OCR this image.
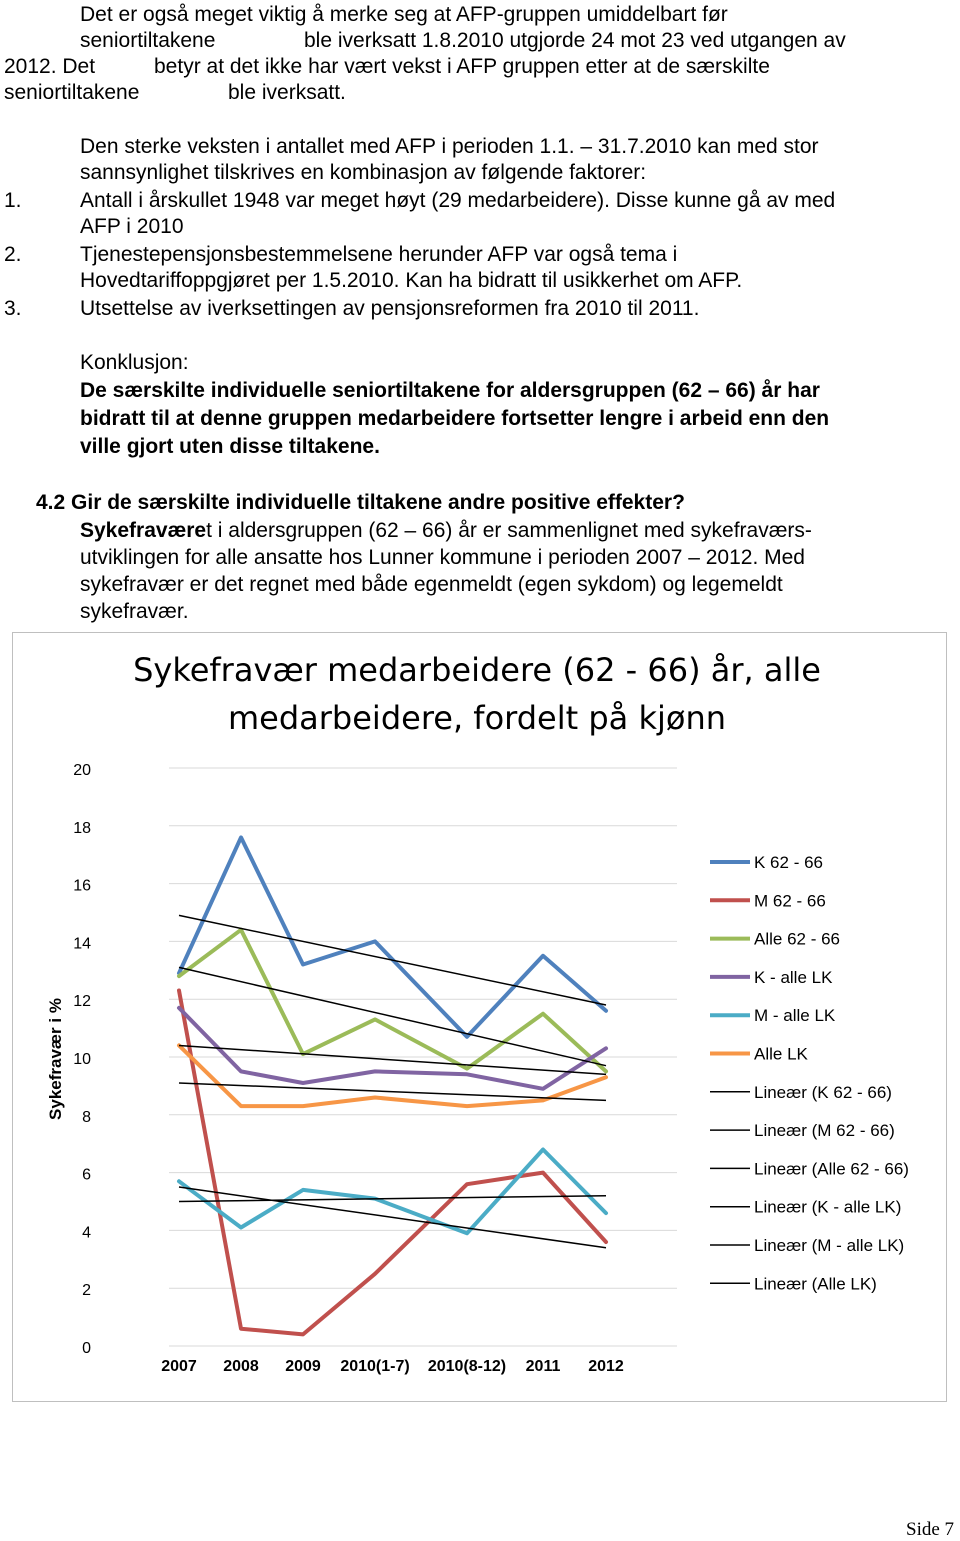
Det er også meget viktig å merke seg at AFP-gruppen umiddelbart før
seniortiltakene	ble iverksatt 1.8.2010 utgjorde 24 mot 23 ved utgangen av
2012. Det	betyr at det ikke har vært vekst i AFP gruppen etter at de særskilte
seniortiltakene	ble iverksatt.
Den sterke veksten i antallet med AFP i perioden 1.1. – 31.7.2010 kan med stor
sannsynlighet tilskrives en kombinasjon av følgende faktorer:
1.	Antall i årskullet 1948 var meget høyt (29 medarbeidere). Disse kunne gå av med
AFP i 2010
2.	Tjenestepensjonsbestemmelsene herunder AFP var også tema i
Hovedtariffoppgjøret per 1.5.2010. Kan ha bidratt til usikkerhet om AFP.
3.	Utsettelse av iverksettingen av pensjonsreformen fra 2010 til 2011.
Konklusjon:
De særskilte individuelle seniortiltakene for aldersgruppen (62 – 66) år har
bidratt til at denne gruppen medarbeidere fortsetter lengre i arbeid enn den
ville gjort uten disse tiltakene.
4.2 Gir de særskilte individuelle tiltakene andre positive effekter?
Sykefraværet i aldersgruppen (62 – 66) år er sammenlignet med sykefraværs-
utviklingen for alle ansatte hos Lunner kommune i perioden 2007 – 2012. Med
sykefravær er det regnet med både egenmeldt (egen sykdom) og legemeldt
sykefravær.
0
2
4
6
8
10
12
14
16
18
20
2007 2008 2009 2010(1-7) 2010(8-12) 2011 2012
Sykefravær medarbeidere (62 - 66) år, alle
medarbeidere, fordelt på kjønn
Sykefravær i %
K 62 - 66
M 62 - 66
Alle 62 - 66
K - alle LK
M - alle LK
Alle LK
Lineær (K 62 - 66)
Lineær (M 62 - 66)
Lineær (Alle 62 - 66)
Lineær (K - alle LK)
Lineær (M - alle LK)
Lineær (Alle LK)
Side 7
